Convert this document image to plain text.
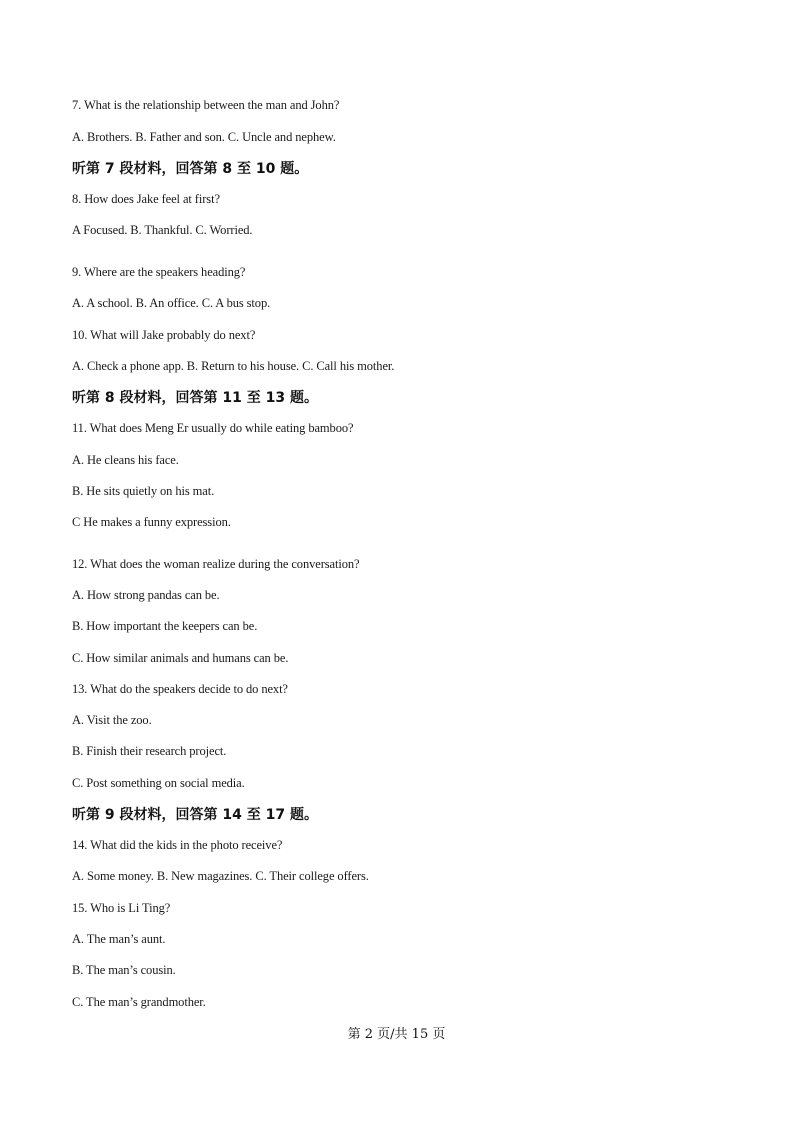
7. What is the relationship between the man and John?
A. Brothers. B. Father and son. C. Uncle and nephew.
听第 7 段材料，回答第 8 至 10 题。
8. How does Jake feel at first?
A Focused. B. Thankful. C. Worried.
9. Where are the speakers heading?
A. A school. B. An office. C. A bus stop.
10. What will Jake probably do next?
A. Check a phone app. B. Return to his house. C. Call his mother.
听第 8 段材料，回答第 11 至 13 题。
11. What does Meng Er usually do while eating bamboo?
A. He cleans his face.
B. He sits quietly on his mat.
C He makes a funny expression.
12. What does the woman realize during the conversation?
A. How strong pandas can be.
B. How important the keepers can be.
C. How similar animals and humans can be.
13. What do the speakers decide to do next?
A. Visit the zoo.
B. Finish their research project.
C. Post something on social media.
听第 9 段材料，回答第 14 至 17 题。
14. What did the kids in the photo receive?
A. Some money. B. New magazines. C. Their college offers.
15. Who is Li Ting?
A. The man’s aunt.
B. The man’s cousin.
C. The man’s grandmother.
第 2 页/共 15 页
